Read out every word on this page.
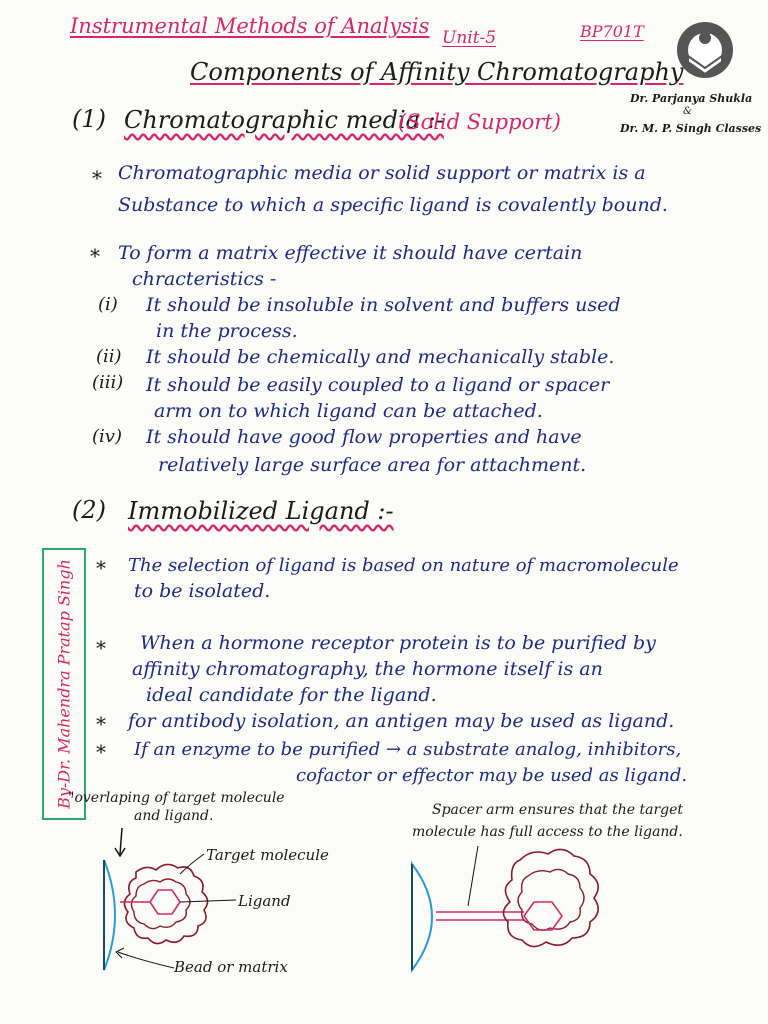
Instrumental Methods of Analysis Unit-5	BP701T
Components of Affinity Chromatography
Dr. Parjanya Shukla
&
Dr. M. P. Singh Classes
(1) Chromatographic media :-
(Solid Support)
* Chromatographic media or solid support or matrix is a
Substance to which a specific ligand is covalently bound.
* To form a matrix effective it should have certain
chracteristics -
(i) It should be insoluble in solvent and buffers used
in the process.
(ii) It should be chemically and mechanically stable.
(iii) It should be easily coupled to a ligand or spacer
arm on to which ligand can be attached.
(iv) It should have good flow properties and have
relatively large surface area for attachment.
(2) Immobilized Ligand :-
By-Dr. Mahendra Pratap Singh * The selection of ligand is based on nature of macromolecule
to be isolated.
* When a hormone receptor protein is to be purified by
affinity chromatography, the hormone itself is an
ideal candidate for the ligand.
* for antibody isolation, an antigen may be used as ligand.
* If an enzyme to be purified → a substrate analog, inhibitors,
cofactor or effector may be used as ligand.
"overlaping of target molecule
and ligand.	Spacer arm ensures that the target
molecule has full access to the ligand.
Target molecule
Ligand
Bead or matrix
